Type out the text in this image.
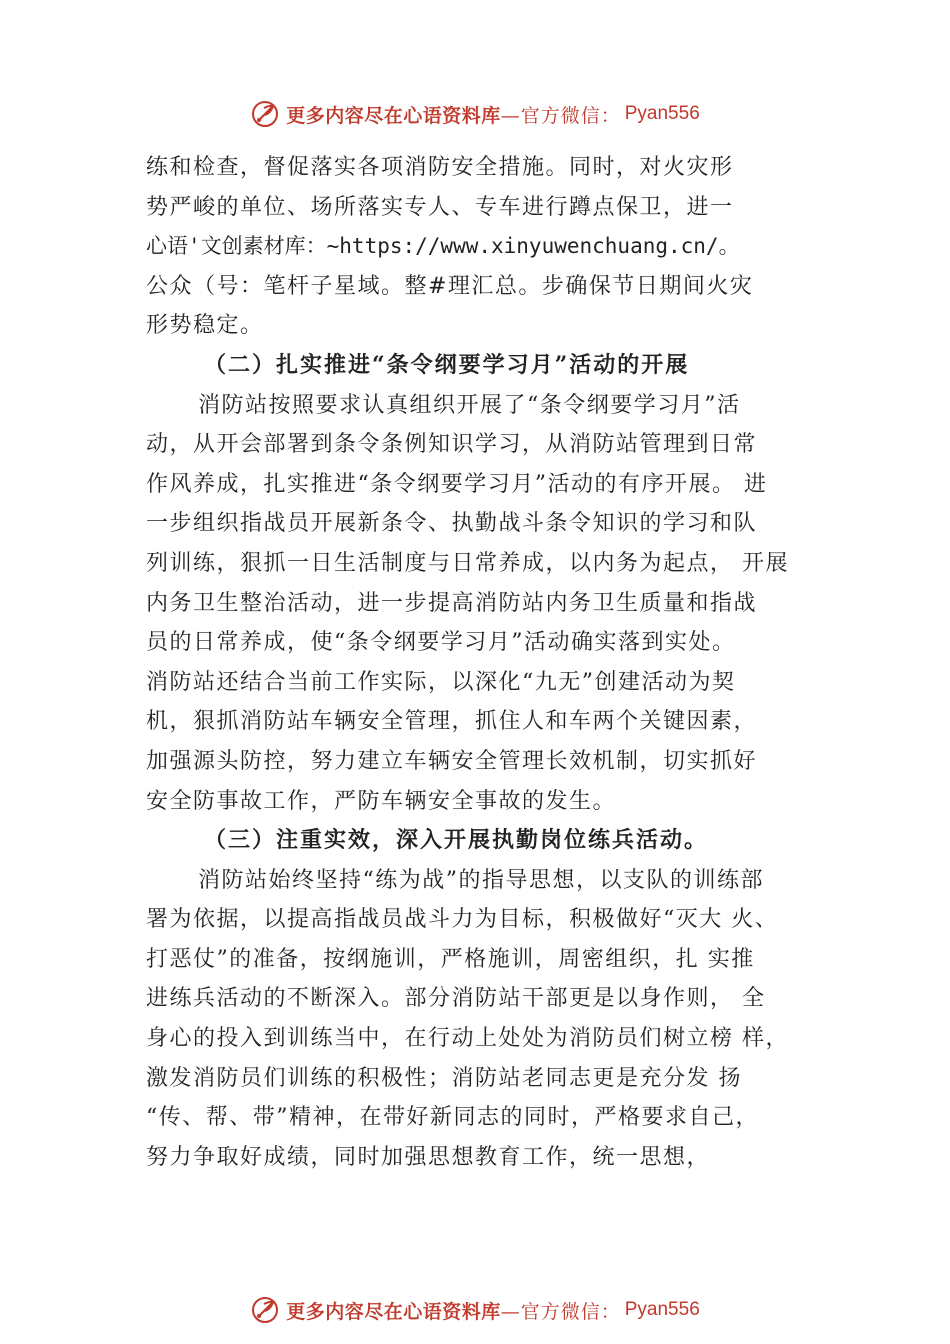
更多内容尽在心语资料库 —官方微信： Pyan556
练和检查，督促落实各项消防安全措施。同时，对火灾形
势严峻的单位、场所落实专人、专车进行蹲点保卫，进一
心语'文创素材库：~https://www.xinyuwenchuang.cn/。
公众（号：笔杆子星域。整#理汇总。步确保节日期间火灾
形势稳定。
（二）扎实推进“条令纲要学习月”活动的开展
消防站按照要求认真组织开展了“条令纲要学习月”活
动，从开会部署到条令条例知识学习，从消防站管理到日常
作风养成，扎实推进“条令纲要学习月”活动的有序开展。 进
一步组织指战员开展新条令、执勤战斗条令知识的学习和队
列训练，狠抓一日生活制度与日常养成，以内务为起点， 开展
内务卫生整治活动，进一步提高消防站内务卫生质量和指战
员的日常养成，使“条令纲要学习月”活动确实落到实处。
消防站还结合当前工作实际，以深化“九无”创建活动为契
机，狠抓消防站车辆安全管理，抓住人和车两个关键因素，
加强源头防控，努力建立车辆安全管理长效机制，切实抓好
安全防事故工作，严防车辆安全事故的发生。
（三）注重实效，深入开展执勤岗位练兵活动。
消防站始终坚持“练为战”的指导思想，以支队的训练部
署为依据，以提高指战员战斗力为目标，积极做好“灭大 火、
打恶仗”的准备，按纲施训，严格施训，周密组织，扎 实推
进练兵活动的不断深入。部分消防站干部更是以身作则， 全
身心的投入到训练当中，在行动上处处为消防员们树立榜 样，
激发消防员们训练的积极性；消防站老同志更是充分发 扬
“传、帮、带”精神，在带好新同志的同时，严格要求自己，
努力争取好成绩，同时加强思想教育工作，统一思想，
更多内容尽在心语资料库 —官方微信： Pyan556
